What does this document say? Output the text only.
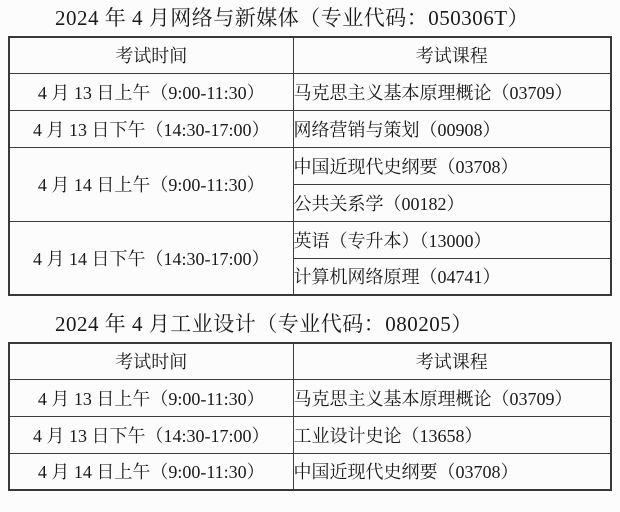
2024 年 4 月网络与新媒体（专业代码：050306T）
考试时间	考试课程
4 月 13 日上午（9:00-11:30）	马克思主义基本原理概论（03709）
4 月 13 日下午（14:30-17:00）	网络营销与策划（00908）
4 月 14 日上午（9:00-11:30）	中国近现代史纲要（03708）
	公共关系学（00182）
4 月 14 日下午（14:30-17:00）	英语（专升本）（13000）
	计算机网络原理（04741）
2024 年 4 月工业设计（专业代码：080205）
考试时间	考试课程
4 月 13 日上午（9:00-11:30）	马克思主义基本原理概论（03709）
4 月 13 日下午（14:30-17:00）	工业设计史论（13658）
4 月 14 日上午（9:00-11:30）	中国近现代史纲要（03708）
